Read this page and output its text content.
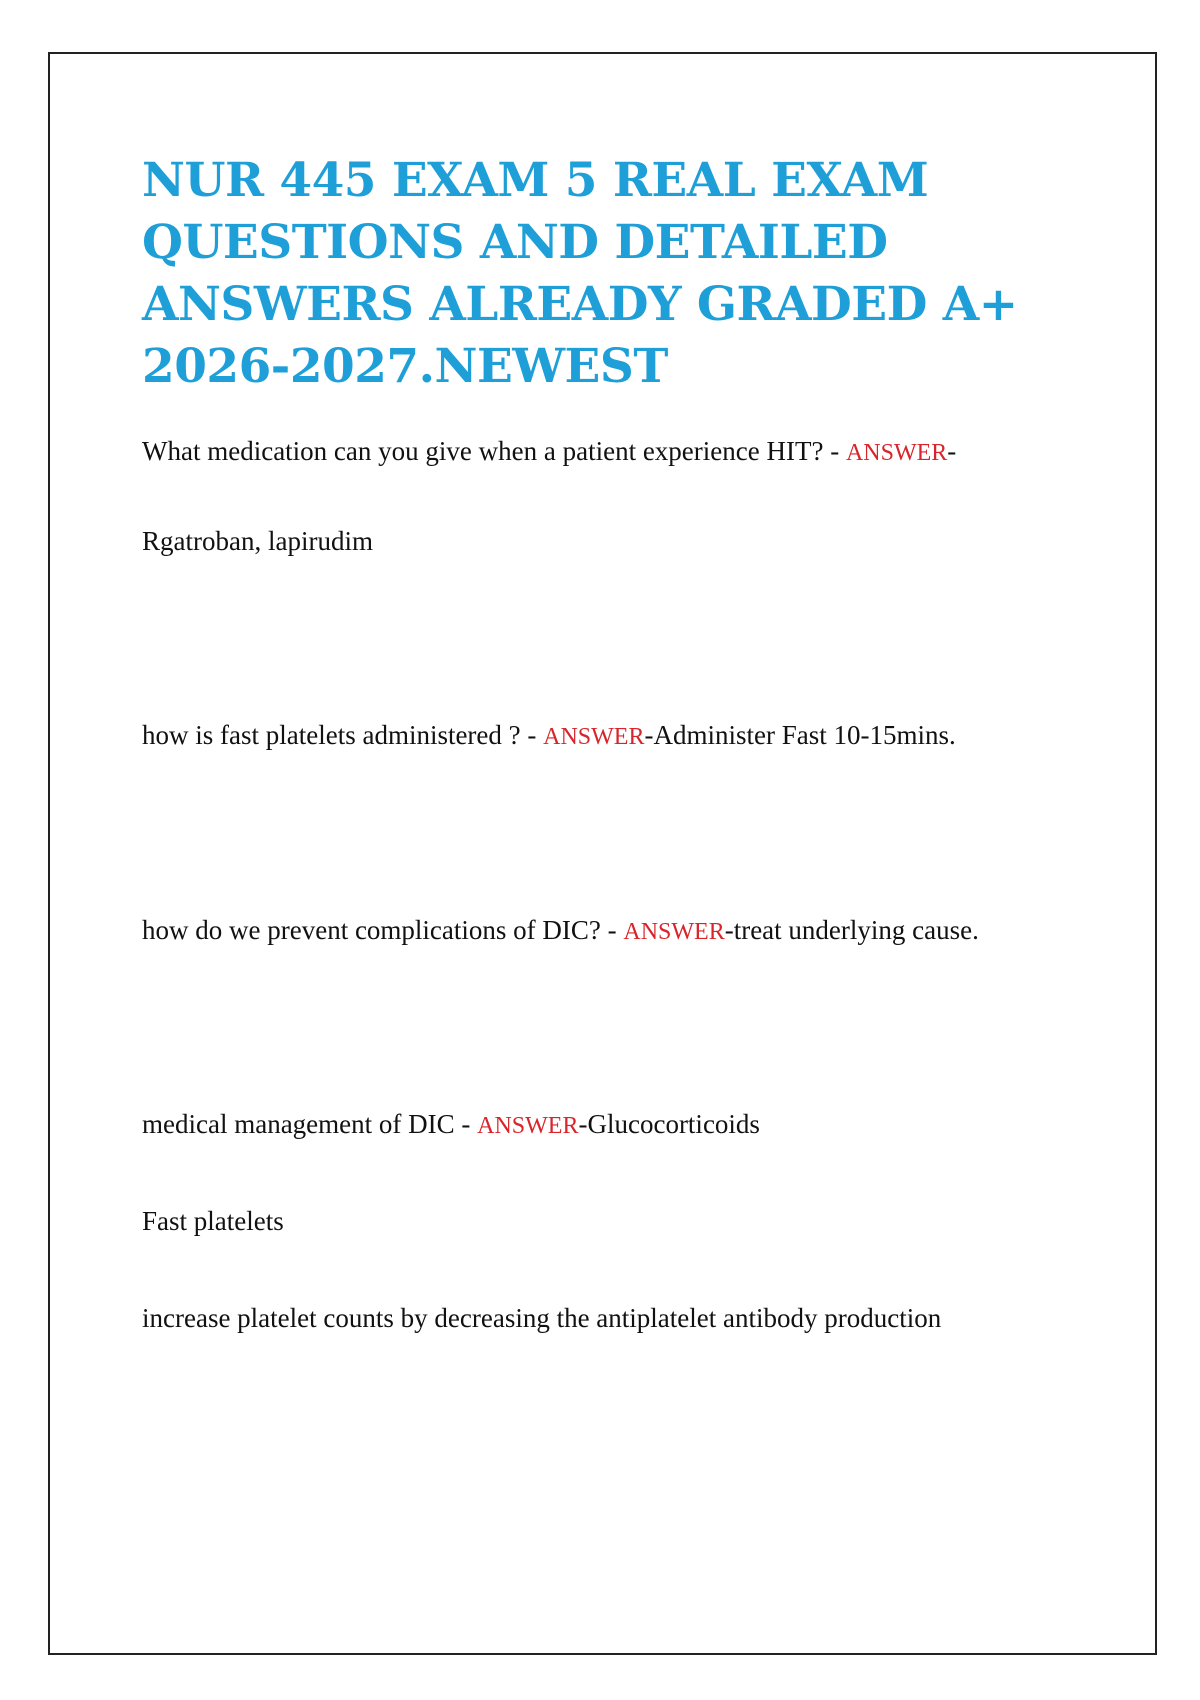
NUR 445 EXAM 5 REAL EXAM QUESTIONS AND DETAILED ANSWERS ALREADY GRADED A+ 2026-2027.NEWEST

What medication can you give when a patient experience HIT? - ANSWER-

Rgatroban, lapirudim

how is fast platelets administered ? - ANSWER-Administer Fast 10-15mins.

how do we prevent complications of DIC? - ANSWER-treat underlying cause.

medical management of DIC - ANSWER-Glucocorticoids

Fast platelets

increase platelet counts by decreasing the antiplatelet antibody production
